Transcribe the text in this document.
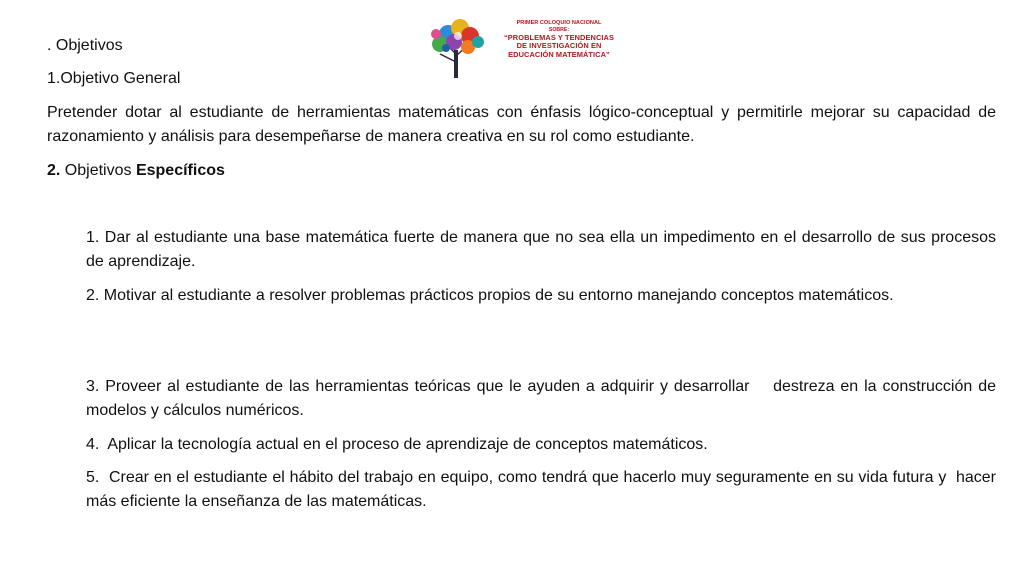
. Objetivos

1.Objetivo General

Pretender dotar al estudiante de herramientas matemáticas con énfasis lógico-conceptual y permitirle mejorar su capacidad de razonamiento y análisis para desempeñarse de manera creativa en su rol como estudiante.

2. Objetivos Específicos

1. Dar al estudiante una base matemática fuerte de manera que no sea ella un impedimento en el desarrollo de sus procesos de aprendizaje.

2. Motivar al estudiante a resolver problemas prácticos propios de su entorno manejando conceptos matemáticos.

3. Proveer al estudiante de las herramientas teóricas que le ayuden a adquirir y desarrollar    destreza en la construcción de modelos y cálculos numéricos.

4.  Aplicar la tecnología actual en el proceso de aprendizaje de conceptos matemáticos.

5.  Crear en el estudiante el hábito del trabajo en equipo, como tendrá que hacerlo muy seguramente en su vida futura y  hacer más eficiente la enseñanza de las matemáticas.

PRIMER COLOQUIO NACIONAL
SOBRE:
“PROBLEMAS Y TENDENCIAS
DE INVESTIGACIÓN EN
EDUCACIÓN MATEMÁTICA”
